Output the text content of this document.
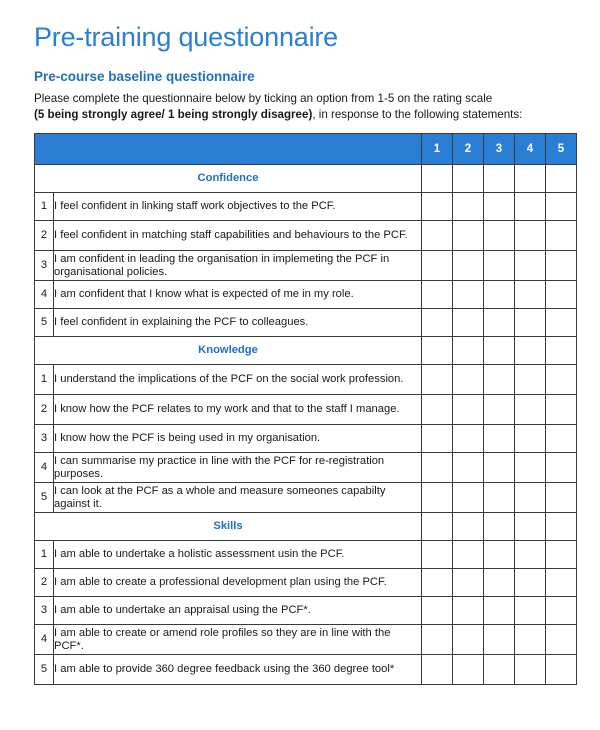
Pre-training questionnaire
Pre-course baseline questionnaire
Please complete the questionnaire below by ticking an option from 1-5 on the rating scale
(5 being strongly agree/ 1 being strongly disagree), in response to the following statements:
		1	2	3	4	5
Confidence						
1	I feel confident in linking staff work objectives to the PCF.					
2	I feel confident in matching staff capabilities and behaviours to the PCF.					
3	I am confident in leading the organisation in implemeting the PCF in organisational policies.					
4	I am confident that I know what is expected of me in my role.					
5	I feel confident in explaining the PCF to colleagues.					
Knowledge						
1	I understand the implications of the PCF on the social work profession.					
2	I know how the PCF relates to my work and that to the staff I manage.					
3	I know how the PCF is being used in my organisation.					
4	I can summarise my practice in line with the PCF for re-registration purposes.					
5	I can look at the PCF as a whole and measure someones capabilty against it.					
Skills						
1	I am able to undertake a holistic assessment usin the PCF.					
2	I am able to create a professional development plan using the PCF.					
3	I am able to undertake an appraisal using the PCF*.					
4	I am able to create or amend role profiles so they are in line with the PCF*.					
5	I am able to provide 360 degree feedback using the 360 degree tool*					
